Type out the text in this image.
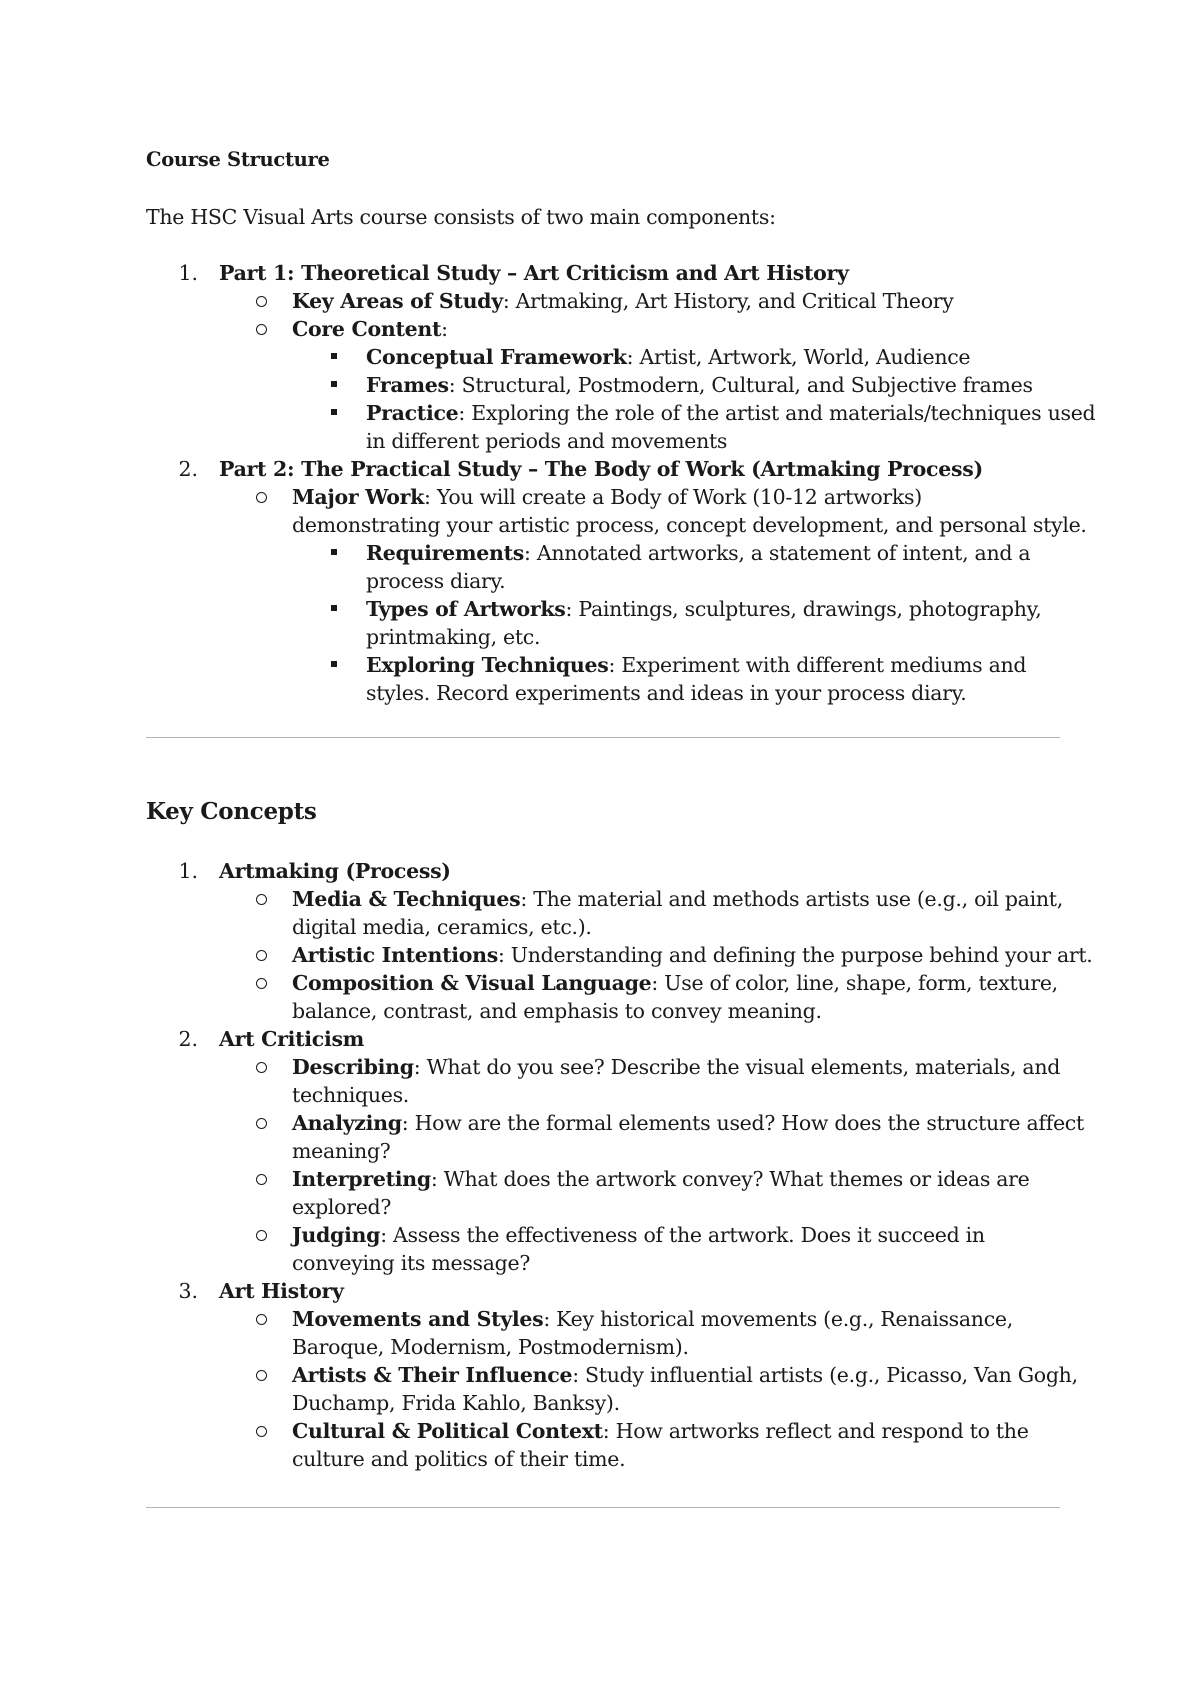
Course Structure
The HSC Visual Arts course consists of two main components:
1. Part 1: Theoretical Study – Art Criticism and Art History
Key Areas of Study: Artmaking, Art History, and Critical Theory
Core Content:
Conceptual Framework: Artist, Artwork, World, Audience
Frames: Structural, Postmodern, Cultural, and Subjective frames
Practice: Exploring the role of the artist and materials/techniques used
in different periods and movements
2. Part 2: The Practical Study – The Body of Work (Artmaking Process)
Major Work: You will create a Body of Work (10-12 artworks)
demonstrating your artistic process, concept development, and personal style.
Requirements: Annotated artworks, a statement of intent, and a
process diary.
Types of Artworks: Paintings, sculptures, drawings, photography,
printmaking, etc.
Exploring Techniques: Experiment with different mediums and
styles. Record experiments and ideas in your process diary.
Key Concepts
1. Artmaking (Process)
Media & Techniques: The material and methods artists use (e.g., oil paint,
digital media, ceramics, etc.).
Artistic Intentions: Understanding and defining the purpose behind your art.
Composition & Visual Language: Use of color, line, shape, form, texture,
balance, contrast, and emphasis to convey meaning.
2. Art Criticism
Describing: What do you see? Describe the visual elements, materials, and
techniques.
Analyzing: How are the formal elements used? How does the structure affect
meaning?
Interpreting: What does the artwork convey? What themes or ideas are
explored?
Judging: Assess the effectiveness of the artwork. Does it succeed in
conveying its message?
3. Art History
Movements and Styles: Key historical movements (e.g., Renaissance,
Baroque, Modernism, Postmodernism).
Artists & Their Influence: Study influential artists (e.g., Picasso, Van Gogh,
Duchamp, Frida Kahlo, Banksy).
Cultural & Political Context: How artworks reflect and respond to the
culture and politics of their time.
